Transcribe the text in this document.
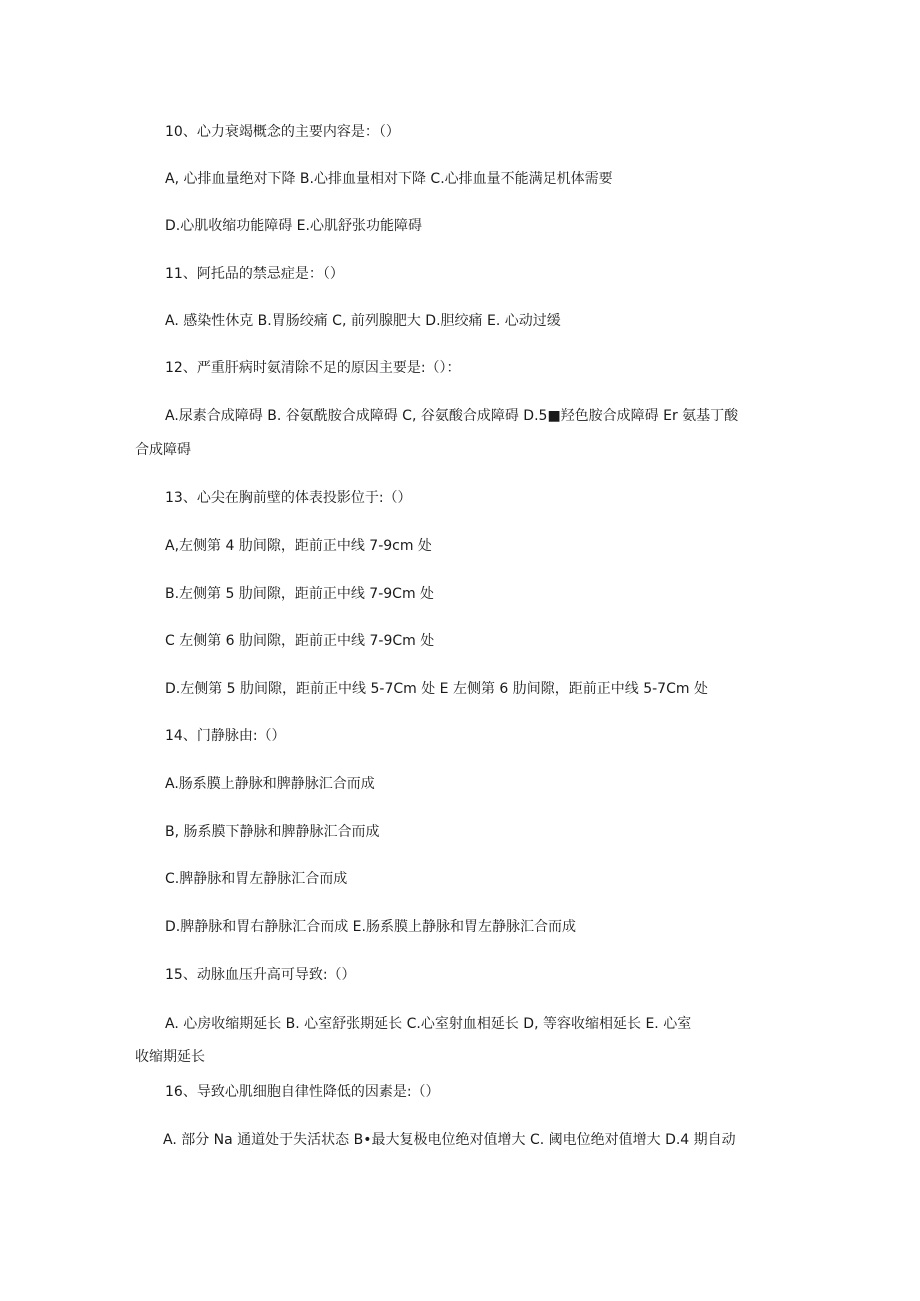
10、心力衰竭概念的主要内容是：（）
A, 心排血量绝对下降 B.心排血量相对下降 C.心排血量不能满足机体需要
D.心肌收缩功能障碍 E.心肌舒张功能障碍
11、阿托品的禁忌症是：（）
A. 感染性休克 B.胃肠绞痛 C, 前列腺肥大 D.胆绞痛 E. 心动过缓
12、严重肝病时氨清除不足的原因主要是:（）：
A.尿素合成障碍 B. 谷氨酰胺合成障碍 C, 谷氨酸合成障碍 D.5■羟色胺合成障碍 Er 氨基丁酸
合成障碍
13、心尖在胸前壁的体表投影位于:（）
A,左侧第 4 肋间隙，距前正中线 7-9cm 处
B.左侧第 5 肋间隙，距前正中线 7-9Cm 处
C 左侧第 6 肋间隙，距前正中线 7-9Cm 处
D.左侧第 5 肋间隙，距前正中线 5-7Cm 处 E 左侧第 6 肋间隙，距前正中线 5-7Cm 处
14、门静脉由:（）
A.肠系膜上静脉和脾静脉汇合而成
B, 肠系膜下静脉和脾静脉汇合而成
C.脾静脉和胃左静脉汇合而成
D.脾静脉和胃右静脉汇合而成 E.肠系膜上静脉和胃左静脉汇合而成
15、动脉血压升高可导致:（）
A. 心房收缩期延长 B. 心室舒张期延长 C.心室射血相延长 D, 等容收缩相延长 E. 心室
收缩期延长
16、导致心肌细胞自律性降低的因素是:（）
A. 部分 Na 通道处于失活状态 B•最大复极电位绝对值增大 C. 阈电位绝对值增大 D.4 期自动
